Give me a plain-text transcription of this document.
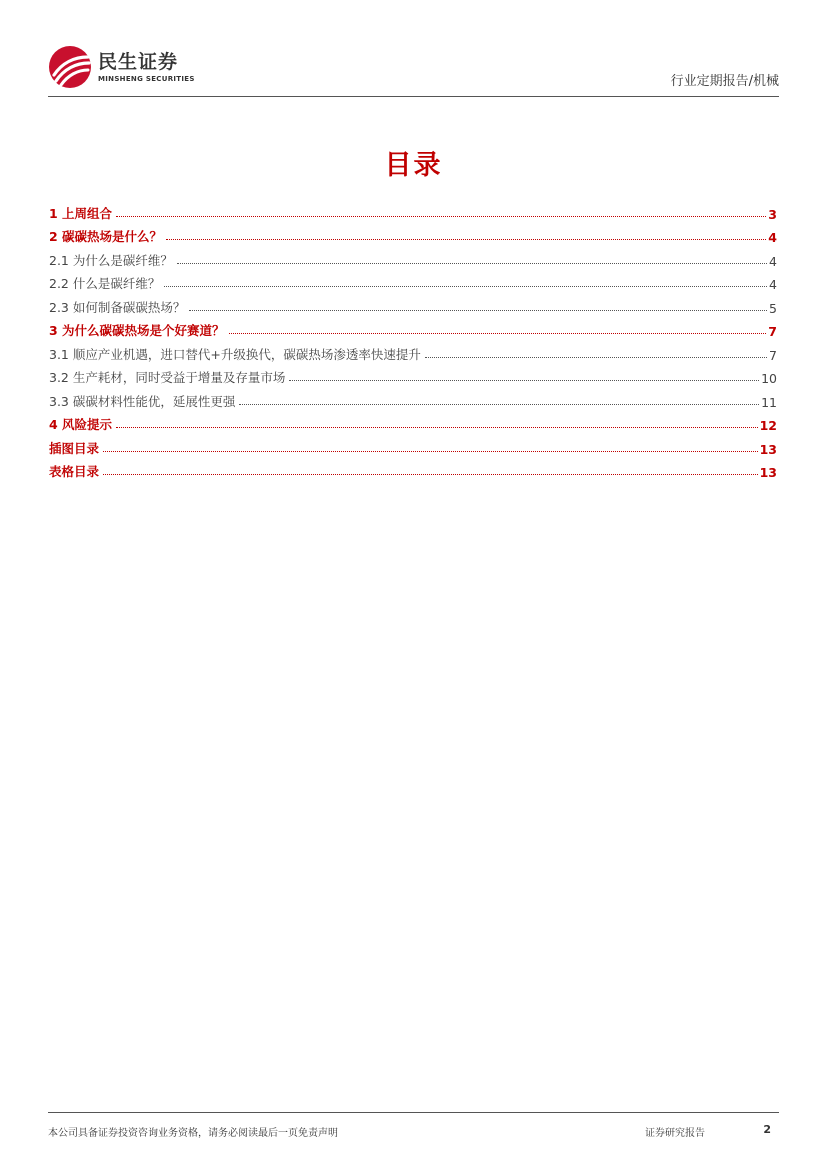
民生证券
MINSHENG SECURITIES	行业定期报告/机械
目录
1 上周组合	3
2 碳碳热场是什么？	4
2.1 为什么是碳纤维？	4
2.2 什么是碳纤维？	4
2.3 如何制备碳碳热场？	5
3 为什么碳碳热场是个好赛道？	7
3.1 顺应产业机遇，进口替代+升级换代，碳碳热场渗透率快速提升	7
3.2 生产耗材，同时受益于增量及存量市场	10
3.3 碳碳材料性能优，延展性更强	11
4 风险提示	12
插图目录	13
表格目录	13
本公司具备证券投资咨询业务资格，请务必阅读最后一页免责声明	证券研究报告	2
